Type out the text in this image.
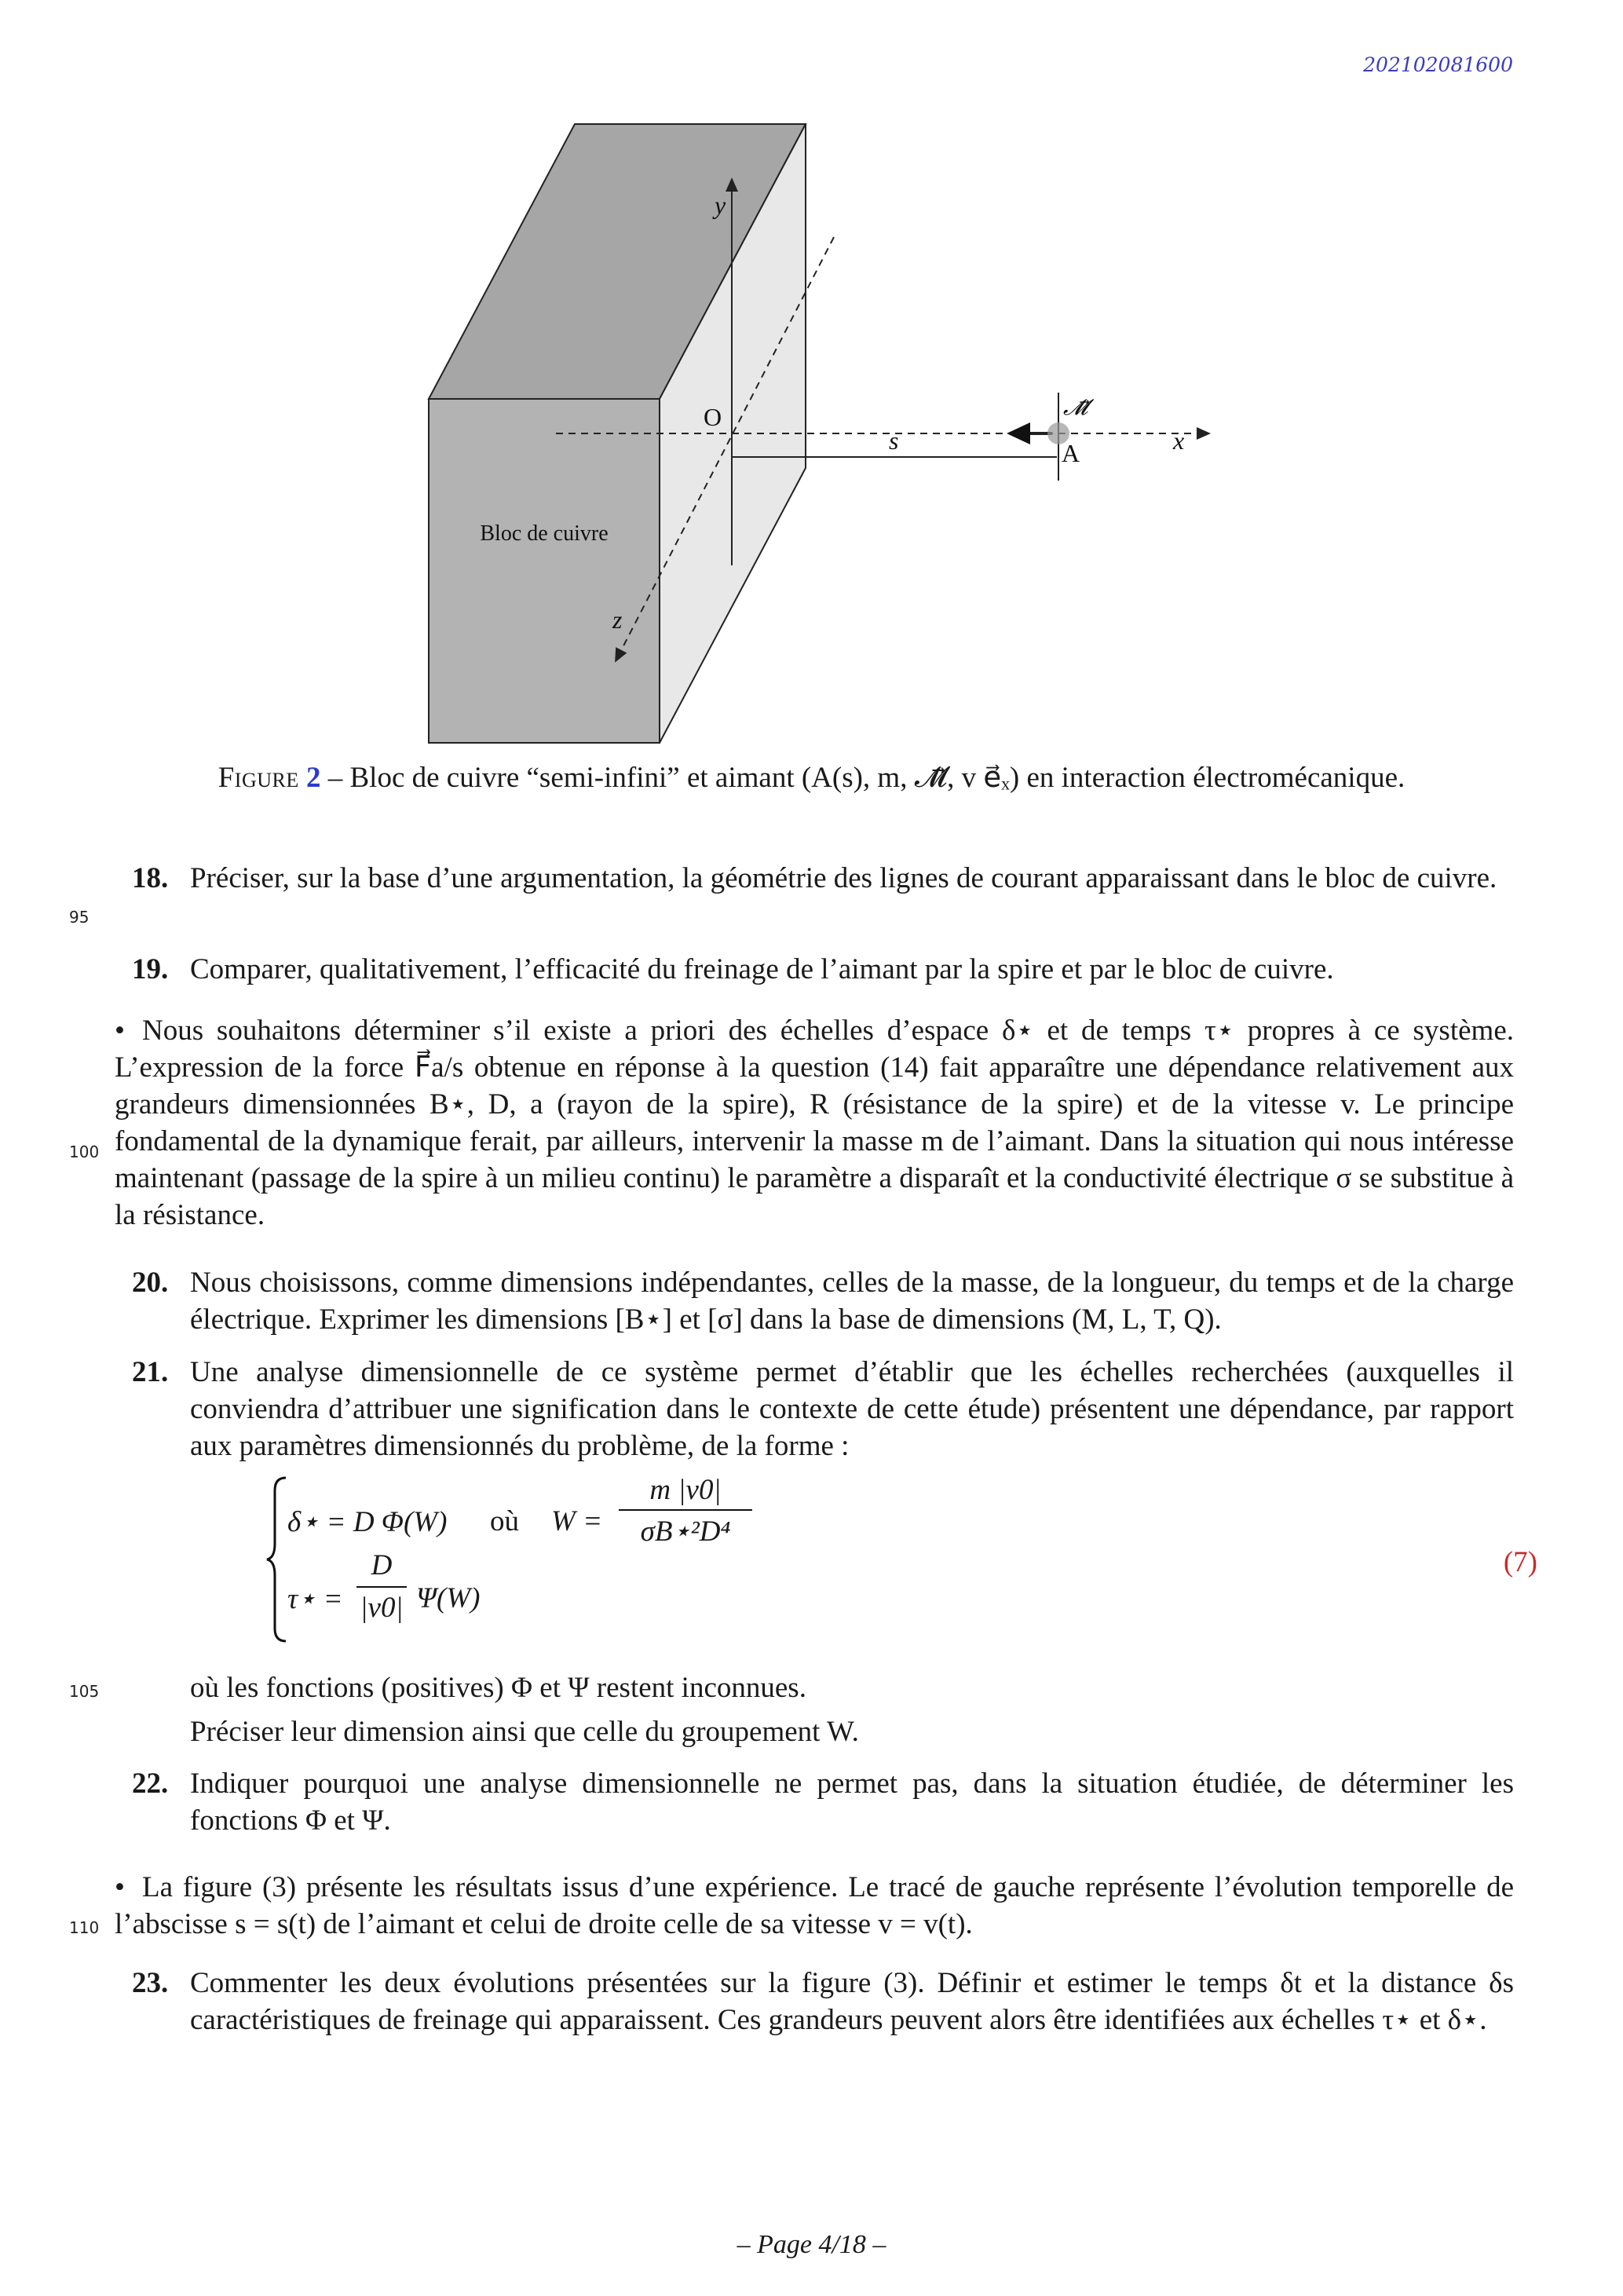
202102081600
Bloc de cuivre
O
y
z
x
s	A
𝓜⃗
Figure 2 – Bloc de cuivre “semi-infini” et aimant (A(s), m, 𝓜⃗, v e⃗ₓ) en interaction électromécanique.
95
100
105
110
18. Préciser, sur la base d’une argumentation, la géométrie des lignes de courant apparaissant dans le bloc de cuivre.
19. Comparer, qualitativement, l’efficacité du freinage de l’aimant par la spire et par le bloc de cuivre.
• Nous souhaitons déterminer s’il existe a priori des échelles d’espace δ⋆ et de temps τ⋆ propres à ce système. L’expression de la force F⃗a/s obtenue en réponse à la question (14) fait apparaître une dépendance relativement aux grandeurs dimensionnées B⋆, D, a (rayon de la spire), R (résistance de la spire) et de la vitesse v. Le principe fondamental de la dynamique ferait, par ailleurs, intervenir la masse m de l’aimant. Dans la situation qui nous intéresse maintenant (passage de la spire à un milieu continu) le paramètre a disparaît et la conductivité électrique σ se substitue à la résistance.
20. Nous choisissons, comme dimensions indépendantes, celles de la masse, de la longueur, du temps et de la charge électrique. Exprimer les dimensions [B⋆] et [σ] dans la base de dimensions (M, L, T, Q).
21. Une analyse dimensionnelle de ce système permet d’établir que les échelles recherchées (auxquelles il conviendra d’attribuer une signification dans le contexte de cette étude) présentent une dépendance, par rapport aux paramètres dimensionnés du problème, de la forme :
δ⋆ = D Φ(W) où W =
m |v0|
σB⋆²D⁴
τ⋆ =
D
|v0| Ψ(W)
(7)
où les fonctions (positives) Φ et Ψ restent inconnues.
Préciser leur dimension ainsi que celle du groupement W.
22. Indiquer pourquoi une analyse dimensionnelle ne permet pas, dans la situation étudiée, de déterminer les fonctions Φ et Ψ.
• La figure (3) présente les résultats issus d’une expérience. Le tracé de gauche représente l’évolution temporelle de l’abscisse s = s(t) de l’aimant et celui de droite celle de sa vitesse v = v(t).
23. Commenter les deux évolutions présentées sur la figure (3). Définir et estimer le temps δt et la distance δs caractéristiques de freinage qui apparaissent. Ces grandeurs peuvent alors être identifiées aux échelles τ⋆ et δ⋆.
– Page 4/18 –
